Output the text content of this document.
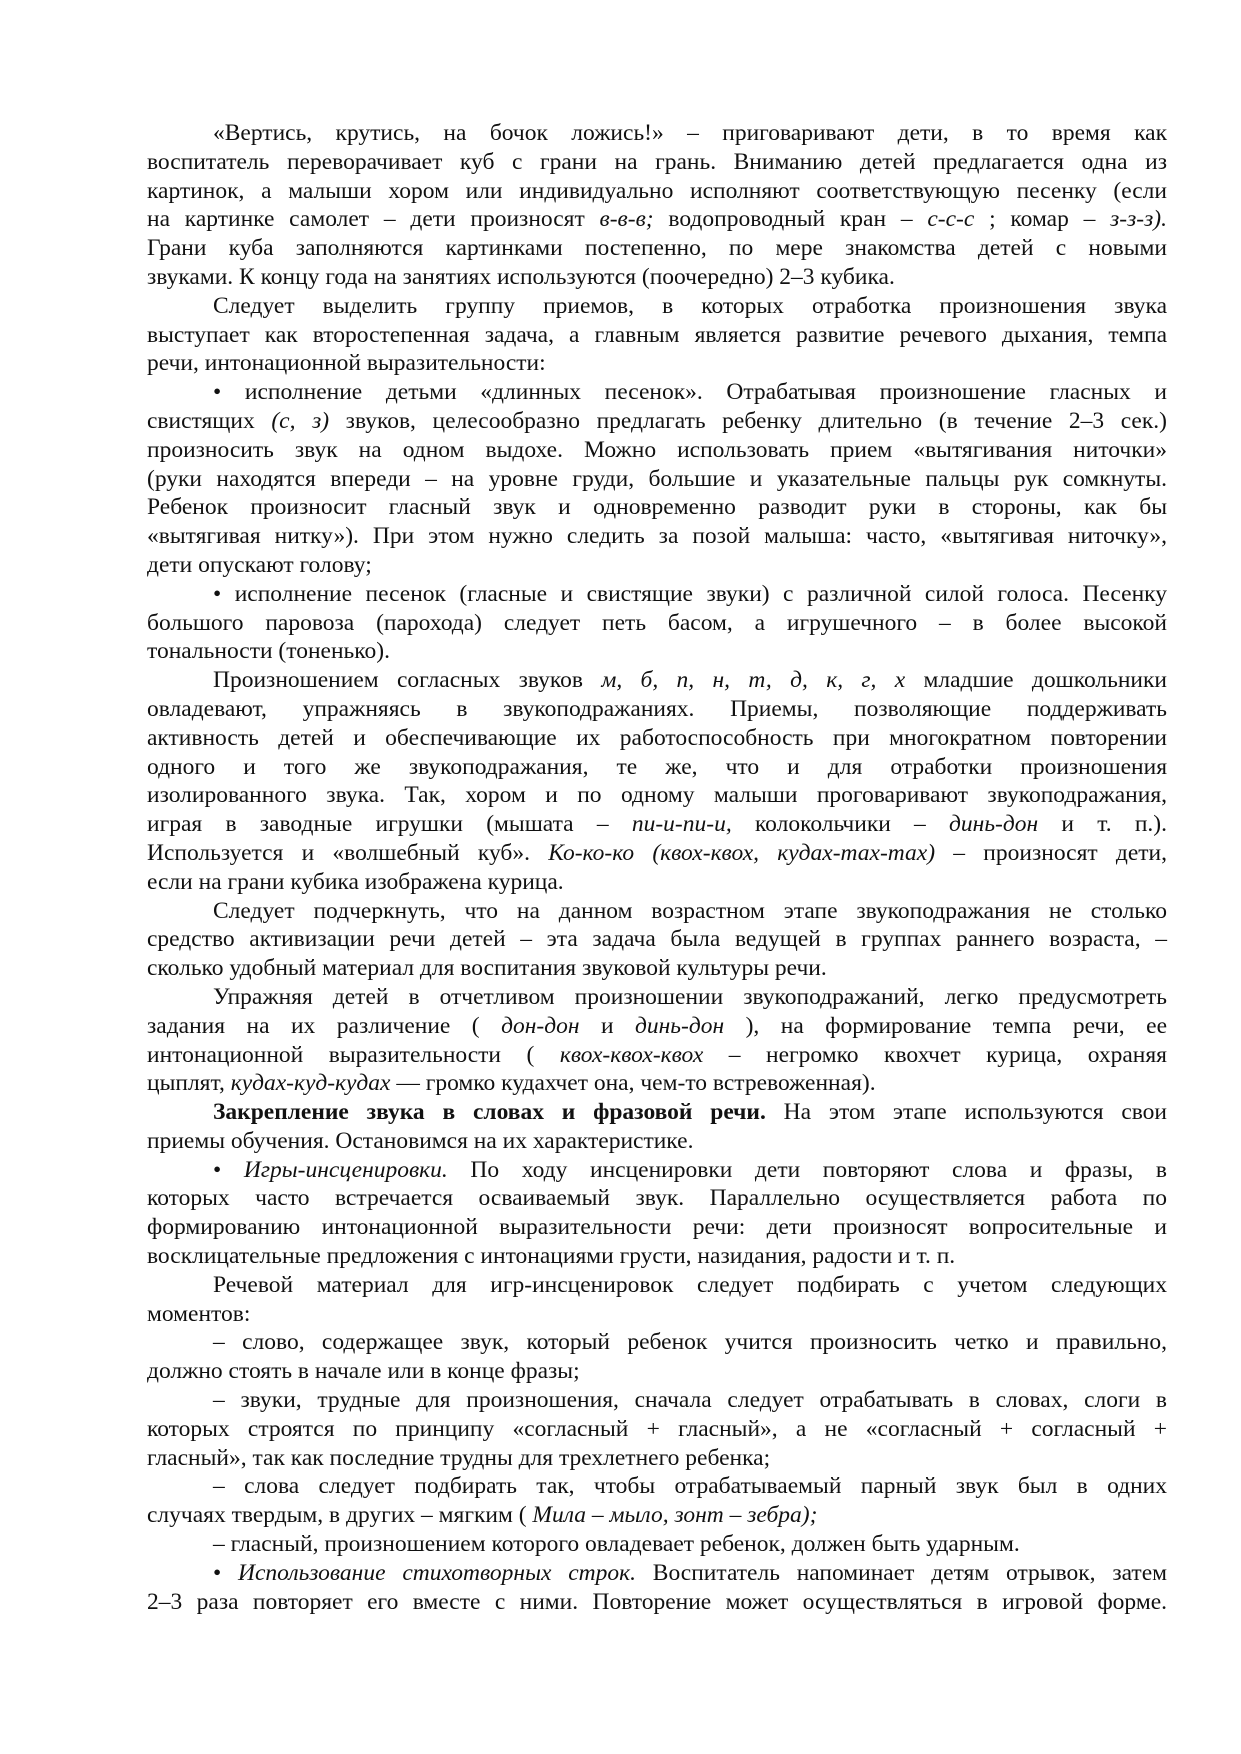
«Вертись, крутись, на бочок ложись!» – приговаривают дети, в то время как
воспитатель переворачивает куб с грани на грань. Вниманию детей предлагается одна из
картинок, а малыши хором или индивидуально исполняют соответствующую песенку (если
на картинке самолет – дети произносят в-в-в; водопроводный кран – с-с-с ; комар – з-з-з).
Грани куба заполняются картинками постепенно, по мере знакомства детей с новыми
звуками. К концу года на занятиях используются (поочередно) 2–3 кубика.
Следует выделить группу приемов, в которых отработка произношения звука
выступает как второстепенная задача, а главным является развитие речевого дыхания, темпа
речи, интонационной выразительности:
• исполнение детьми «длинных песенок». Отрабатывая произношение гласных и
свистящих (с, з) звуков, целесообразно предлагать ребенку длительно (в течение 2–3 сек.)
произносить звук на одном выдохе. Можно использовать прием «вытягивания ниточки»
(руки находятся впереди – на уровне груди, большие и указательные пальцы рук сомкнуты.
Ребенок произносит гласный звук и одновременно разводит руки в стороны, как бы
«вытягивая нитку»). При этом нужно следить за позой малыша: часто, «вытягивая ниточку»,
дети опускают голову;
• исполнение песенок (гласные и свистящие звуки) с различной силой голоса. Песенку
большого паровоза (парохода) следует петь басом, а игрушечного – в более высокой
тональности (тоненько).
Произношением согласных звуков м, б, п, н, т, д, к, г, х младшие дошкольники
овладевают, упражняясь в звукоподражаниях. Приемы, позволяющие поддерживать
активность детей и обеспечивающие их работоспособность при многократном повторении
одного и того же звукоподражания, те же, что и для отработки произношения
изолированного звука. Так, хором и по одному малыши проговаривают звукоподражания,
играя в заводные игрушки (мышата – пи-и-пи-и, колокольчики – динь-дон и т. п.).
Используется и «волшебный куб». Ко-ко-ко (квох-квох, кудах-тах-тах) – произносят дети,
если на грани кубика изображена курица.
Следует подчеркнуть, что на данном возрастном этапе звукоподражания не столько
средство активизации речи детей – эта задача была ведущей в группах раннего возраста, –
сколько удобный материал для воспитания звуковой культуры речи.
Упражняя детей в отчетливом произношении звукоподражаний, легко предусмотреть
задания на их различение ( дон-дон и динь-дон ), на формирование темпа речи, ее
интонационной выразительности ( квох-квох-квох – негромко квохчет курица, охраняя
цыплят, кудах-куд-кудах — громко кудахчет она, чем-то встревоженная).
Закрепление звука в словах и фразовой речи. На этом этапе используются свои
приемы обучения. Остановимся на их характеристике.
• Игры-инсценировки. По ходу инсценировки дети повторяют слова и фразы, в
которых часто встречается осваиваемый звук. Параллельно осуществляется работа по
формированию интонационной выразительности речи: дети произносят вопросительные и
восклицательные предложения с интонациями грусти, назидания, радости и т. п.
Речевой материал для игр-инсценировок следует подбирать с учетом следующих
моментов:
– слово, содержащее звук, который ребенок учится произносить четко и правильно,
должно стоять в начале или в конце фразы;
– звуки, трудные для произношения, сначала следует отрабатывать в словах, слоги в
которых строятся по принципу «согласный + гласный», а не «согласный + согласный +
гласный», так как последние трудны для трехлетнего ребенка;
– слова следует подбирать так, чтобы отрабатываемый парный звук был в одних
случаях твердым, в других – мягким ( Мила – мыло, зонт – зебра);
– гласный, произношением которого овладевает ребенок, должен быть ударным.
• Использование стихотворных строк. Воспитатель напоминает детям отрывок, затем
2–3 раза повторяет его вместе с ними. Повторение может осуществляться в игровой форме.
